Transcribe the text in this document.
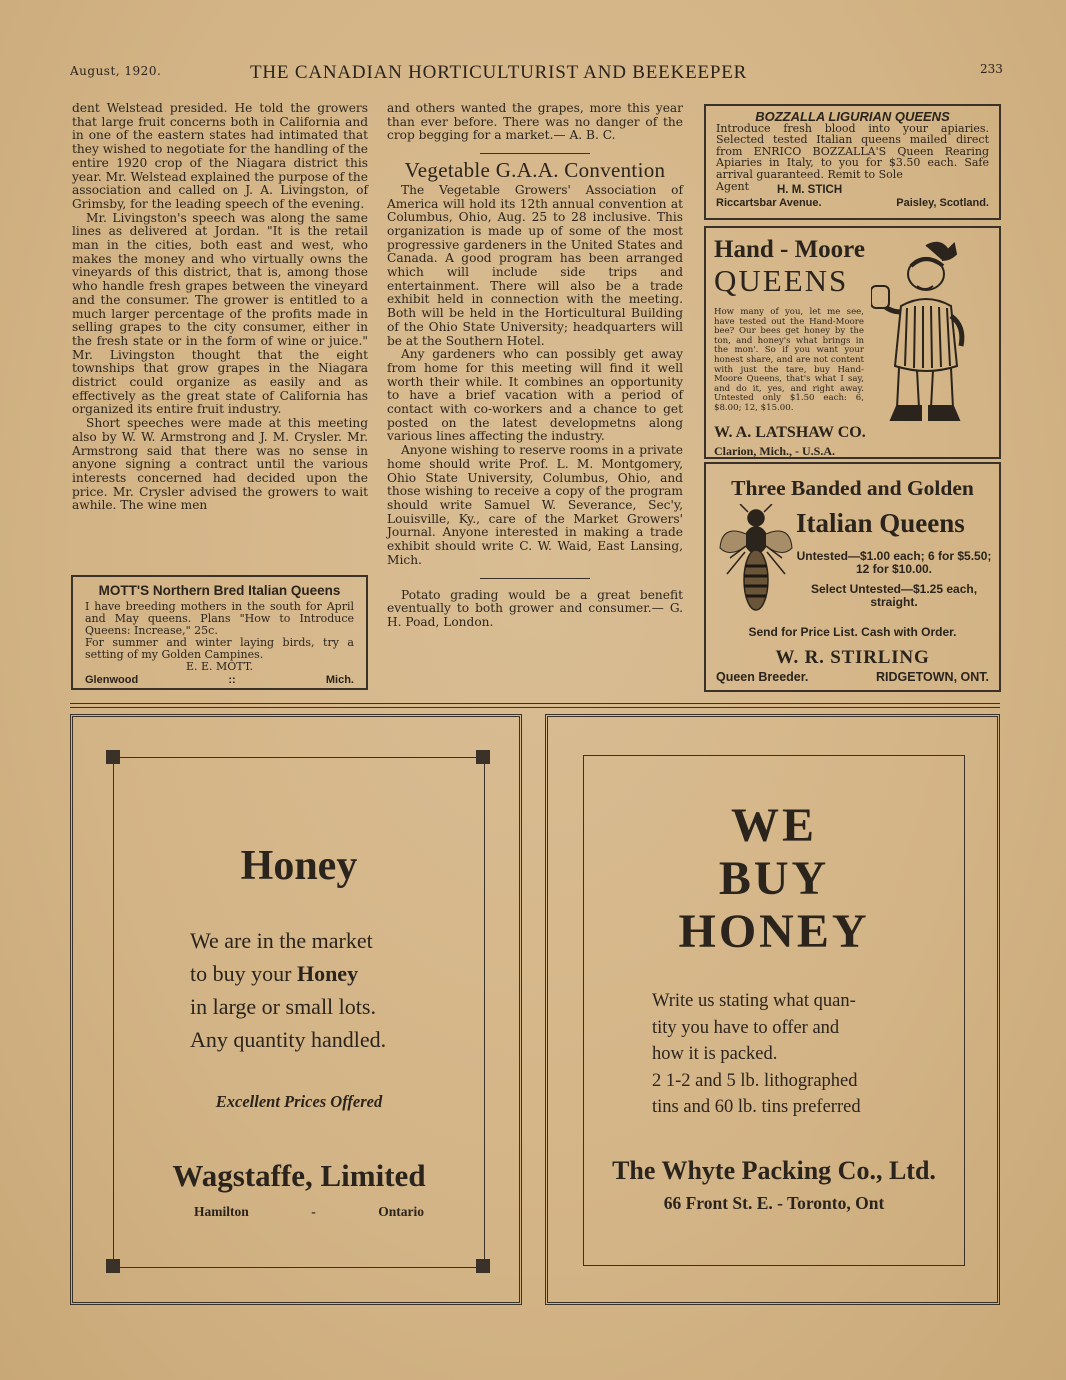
August, 1920.	THE CANADIAN HORTICULTURIST AND BEEKEEPER	233

dent Welstead presided. He told the growers that large fruit concerns both in California and in one of the eastern states had intimated that they wished to negotiate for the handling of the entire 1920 crop of the Niagara district this year. Mr. Welstead explained the purpose of the association and called on J. A. Livingston, of Grimsby, for the leading speech of the evening.

Mr. Livingston's speech was along the same lines as delivered at Jordan. "It is the retail man in the cities, both east and west, who makes the money and who virtually owns the vineyards of this district, that is, among those who handle fresh grapes between the vineyard and the consumer. The grower is entitled to a much larger percentage of the profits made in selling grapes to the city consumer, either in the fresh state or in the form of wine or juice." Mr. Livingston thought that the eight townships that grow grapes in the Niagara district could organize as easily and as effectively as the great state of California has organized its entire fruit industry.

Short speeches were made at this meeting also by W. W. Armstrong and J. M. Crysler. Mr. Armstrong said that there was no sense in anyone signing a contract until the various interests concerned had decided upon the price. Mr. Crysler advised the growers to wait awhile. The wine men

and others wanted the grapes, more this year than ever before. There was no danger of the crop begging for a market.— A. B. C.

Vegetable G.A.A. Convention

The Vegetable Growers' Association of America will hold its 12th annual convention at Columbus, Ohio, Aug. 25 to 28 inclusive. This organization is made up of some of the most progressive gardeners in the United States and Canada. A good program has been arranged which will include side trips and entertainment. There will also be a trade exhibit held in connection with the meeting. Both will be held in the Horticultural Building of the Ohio State University; headquarters will be at the Southern Hotel.

Any gardeners who can possibly get away from home for this meeting will find it well worth their while. It combines an opportunity to have a brief vacation with a period of contact with co-workers and a chance to get posted on the latest developmetns along various lines affecting the industry.

Anyone wishing to reserve rooms in a private home should write Prof. L. M. Montgomery, Ohio State University, Columbus, Ohio, and those wishing to receive a copy of the program should write Samuel W. Severance, Sec'y, Louisville, Ky., care of the Market Growers' Journal. Anyone interested in making a trade exhibit should write C. W. Waid, East Lansing, Mich.

Potato grading would be a great benefit eventually to both grower and consumer.— G. H. Poad, London.

MOTT'S Northern Bred Italian Queens
I have breeding mothers in the south for April and May queens. Plans "How to Introduce Queens: Increase," 25c.
For summer and winter laying birds, try a setting of my Golden Campines.
E. E. MOTT.
Glenwood	::	Mich.
BOZZALLA LIGURIAN QUEENS
Introduce fresh blood into your apiaries. Selected tested Italian queens mailed direct from ENRICO BOZZALLA'S Queen Rearing Apiaries in Italy, to you for $3.50 each. Safe arrival guaranteed. Remit to Sole
Agent H. M. STICH
Riccartsbar Avenue.	Paisley, Scotland.
Hand - Moore
QUEENS
How many of you, let me see, have tested out the Hand-Moore bee? Our bees get honey by the ton, and honey's what brings in the mon'. So if you want your honest share, and are not content with just the tare, buy Hand-Moore Queens, that's what I say, and do it, yes, and right away. Untested only $1.50 each: 6, $8.00; 12, $15.00.
W. A. LATSHAW CO.
Clarion, Mich., - U.S.A.
Three Banded and Golden
Italian Queens
Untested—$1.00 each; 6 for $5.50; 12 for $10.00.
Select Untested—$1.25 each, straight.
Send for Price List. Cash with Order.
W. R. STIRLING
Queen Breeder.	RIDGETOWN, ONT.
Honey
We are in the market
to buy your Honey
in large or small lots.
Any quantity handled.
Excellent Prices Offered
Wagstaffe, Limited
Hamilton	-	Ontario
WE
BUY
HONEY
Write us stating what quan-
tity you have to offer and
how it is packed.
2 1-2 and 5 lb. lithographed
tins and 60 lb. tins preferred
The Whyte Packing Co., Ltd.
66 Front St. E. - Toronto, Ont
